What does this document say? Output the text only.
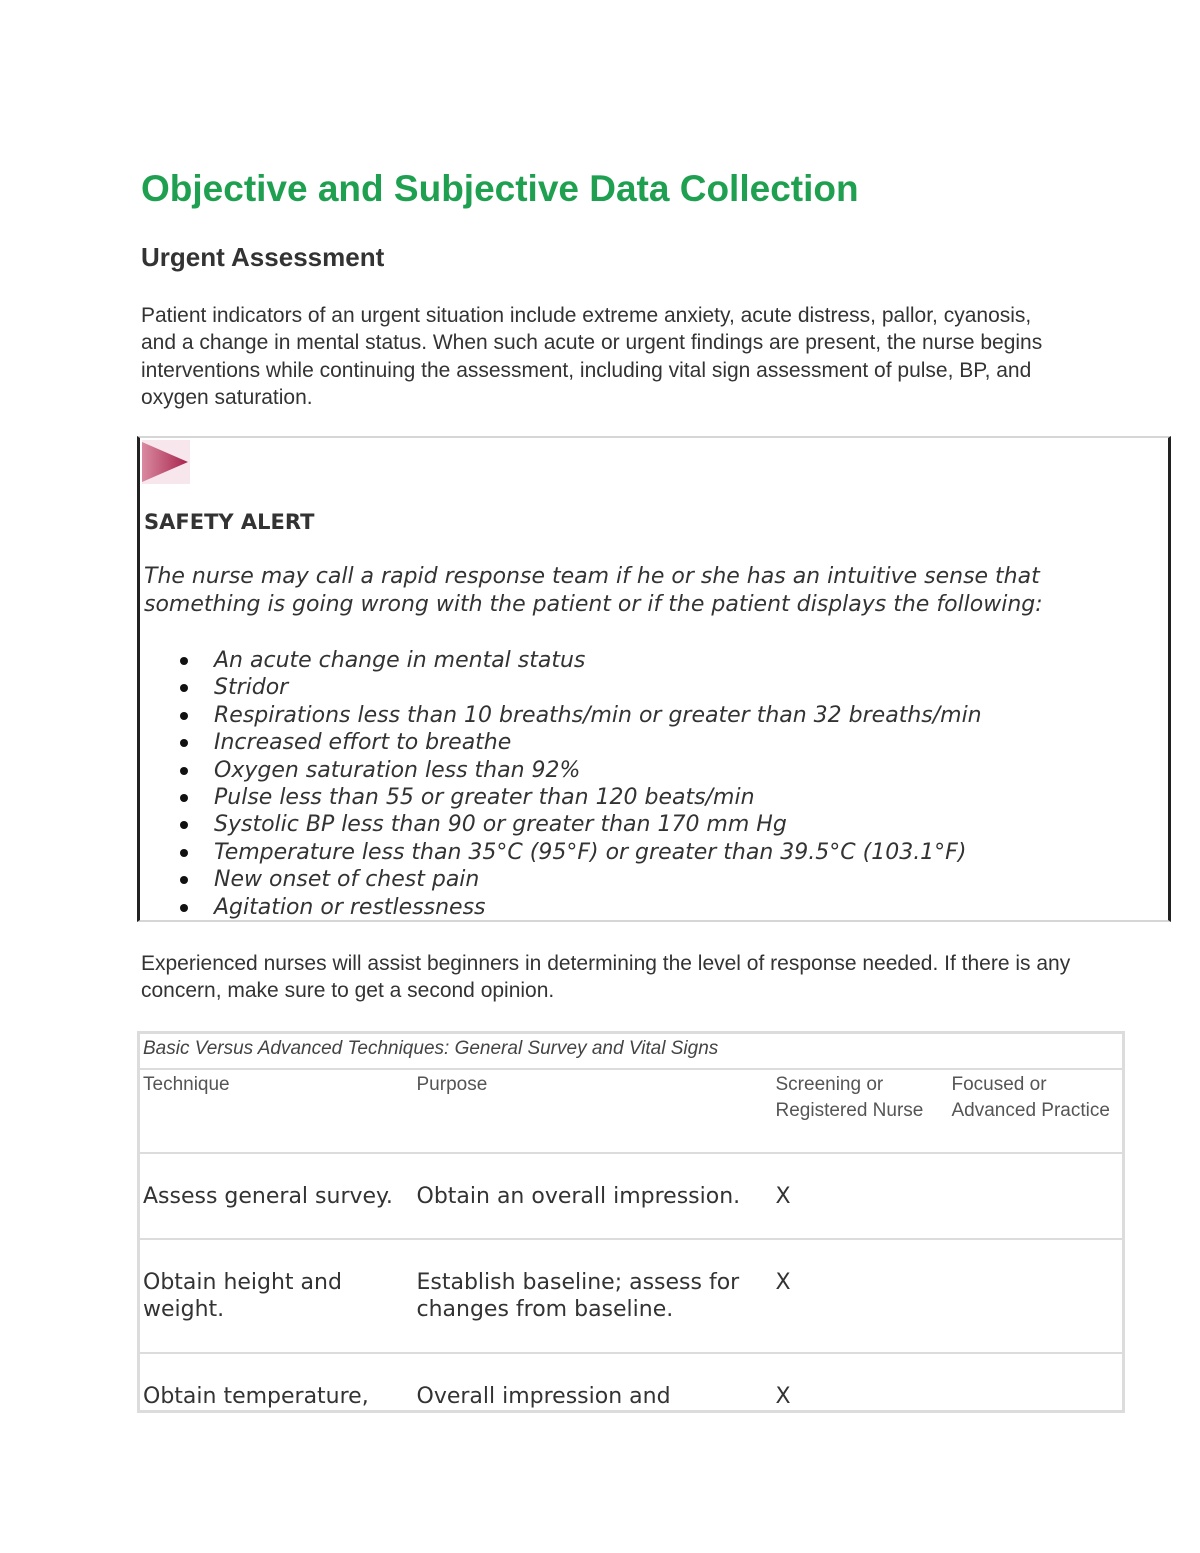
Objective and Subjective Data Collection
Urgent Assessment

Patient indicators of an urgent situation include extreme anxiety, acute distress, pallor, cyanosis, and a change in mental status. When such acute or urgent findings are present, the nurse begins interventions while continuing the assessment, including vital sign assessment of pulse, BP, and oxygen saturation.

SAFETY ALERT

The nurse may call a rapid response team if he or she has an intuitive sense that something is going wrong with the patient or if the patient displays the following:

An acute change in mental status
Stridor
Respirations less than 10 breaths/min or greater than 32 breaths/min
Increased effort to breathe
Oxygen saturation less than 92%
Pulse less than 55 or greater than 120 beats/min
Systolic BP less than 90 or greater than 170 mm Hg
Temperature less than 35°C (95°F) or greater than 39.5°C (103.1°F)
New onset of chest pain
Agitation or restlessness

Experienced nurses will assist beginners in determining the level of response needed. If there is any concern, make sure to get a second opinion.

Basic Versus Advanced Techniques: General Survey and Vital Signs			
Technique	Purpose	Screening or Registered Nurse	Focused or Advanced Practice
Assess general survey.	Obtain an overall impression.	X	
Obtain height and weight.	Establish baseline; assess for changes from baseline.	X	
Obtain temperature,	Overall impression and	X	
